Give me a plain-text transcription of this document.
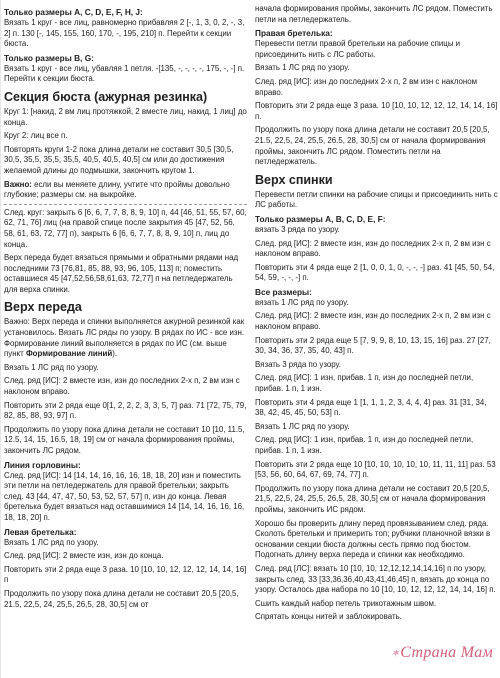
Только размеры А, С, D, E, F, H, J:
Вязать 1 круг - все лиц, равномерно прибавляя 2 [-, 1, 3, 0, 2, -, 3, 2] п. 130 [-, 145, 155, 160, 170, -, 195, 210] п. Перейти к секции бюста.
Только размеры В, G:
Вязать 1 круг - все лиц, убавляя 1 петля. -[135, -, -, -, -, 175, -, -] п. Перейти к секции бюста.
Секция бюста (ажурная резинка)
Круг 1: [накид, 2 вм лиц протяжкой, 2 вместе лиц, накид, 1 лиц] до конца.
Круг 2: лиц все п.
Повторять круги 1-2 пока длина детали не составит 30,5 [30,5, 30,5, 35,5, 35,5, 35,5, 40,5, 40,5, 40,5] см или до достижения желаемой длины до подмышки, закончить кругом 1.
Важно: если вы меняете длину, учтите что проймы довольно глубокие; размеры см. на выкройке.
След. круг: закрыть 6 [6, 6, 7, 7, 8, 8, 9, 10] п, 44 [46, 51, 55, 57, 60, 62, 71, 76] лиц (на правой спице после закрытия 45 [47, 52, 56, 58, 61, 63, 72, 77] п), закрыть 6 [6, 6, 7, 7, 8, 8, 9, 10] п, лиц до конца.
Верх переда будет вязаться прямыми и обратными рядами над последними 73 [76,81, 85, 88, 93, 96, 105, 113] п; поместить оставшиеся 45 [47,52,56,58,61,63, 72,77] п на петледержатель для верха спинки.
Верх переда
Важно: Верх переда и спинки выполняется ажурной резинкой как установилось. Вязать ЛС ряды по узору. В рядах по ИС - все изн. Формирование линий выполняется в рядах по ИС (см. выше пункт Формирование линий).
Вязать 1 ЛС ряд по узору.
След. ряд [ИС]: 2 вместе изн, изн до последних 2-х п, 2 вм изн с наклоном вправо.
Повторить эти 2 ряда еще 0[1, 2, 2, 2, 3, 3, 5, 7] раз. 71 [72, 75, 79, 82, 85, 88, 93, 97] п.
Продолжить по узору пока длина детали не составит 10 [10, 11.5, 12.5, 14, 15, 16.5, 18, 19] см от начала формирования проймы, закончить ЛС рядом.
Линия горловины:
След. ряд [ИС]: 14 [14, 14, 16, 16, 16, 18, 18, 20] изн и поместить эти петли на петледержатель для правой бретельки; закрыть след. 43 [44, 47, 47, 50, 53, 52, 57, 57] п, изн до конца. Левая бретелька будет вязаться над оставшимися 14 [14, 14, 16, 16, 16, 18, 18, 20] п.
Левая бретелька:
Вязать 1 ЛС ряд по узору.
След. ряд [ИС]: 2 вместе изн, изн до конца.
Повторить эти 2 ряда еще 3 раза. 10 [10, 10, 12, 12, 12, 14, 14, 16] п
Продолжить по узору пока длина детали не составит 20,5 [20,5, 21.5, 22,5, 24, 25,5, 26,5, 28, 30,5] см от
начала формирования проймы, закончить ЛС рядом. Поместить петли на петледержатель.
Правая бретелька:
Перевести петли правой бретельки на рабочие спицы и присоединить нить с ЛС работы.
Вязать 1 ЛС ряд по узору.
След. ряд [ИС]: изн до последних 2-х п, 2 вм изн с наклоном вправо.
Повторить эти 2 ряда еще 3 раза. 10 [10, 10, 12, 12, 12, 14, 14, 16] п.
Продолжить по узору пока длина детали не составит 20,5 [20,5, 21.5, 22,5, 24, 25,5, 26.5, 28, 30,5] см от начала формирования проймы, закончить ЛС рядом. Поместить петли на петледержатель.
Верх спинки
Перевести петли спинки на рабочие спицы и присоединить нить с ЛС работы.
Только размеры А, В, С, D, E, F:
вязать 3 ряда по узору.
След. ряд [ИС]: 2 вместе изн, изн до последних 2-х п, 2 вм изн с наклоном вправо.
Повторить эти 4 ряда еще 2 [1, 0, 0, 1, 0, -, -, -] раз. 41 [45, 50, 54, 54, 59, -, -, -] п.
Все размеры:
вязать 1 ЛС ряд по узору.
След. ряд [ИС]: 2 вместе изн, изн до последних 2-х п, 2 вм изн с наклоном вправо.
Повторить эти 2 ряда еще 5 [7, 9, 9, 8, 10, 13, 15, 16] раз. 27 [27, 30, 34, 36, 37, 35, 40, 43] п.
Вязать 3 ряда по узору.
След. ряд [ИС]: 1 изн, прибав. 1 п, изн до последней петли, прибав. 1 п, 1 изн.
Повторить эти 4 ряда еще 1 [1, 1, 1, 2, 3, 4, 4, 4] раз. 31 [31, 34, 38, 42, 45, 45, 50, 53] п.
Вязать 1 ЛС ряд по узору.
След. ряд [ИС]: 1 изн, прибав. 1 п, изн до последней петли, прибав. 1 п, 1 изн.
Повторить эти 2 ряда еще 10 [10, 10, 10, 10, 10, 11, 11, 11] раз. 53 [53, 56, 60, 64, 67, 69, 74, 77] п.
Продолжить по узору пока длина детали не составит 20,5 [20,5, 21,5, 22,5, 24, 25,5, 26,5, 28, 30,5] см от начала формирования проймы, закончить ИС рядом.
Хорошо бы проверить длину перед провязыванием след. ряда. Сколоть бретельки и примерить топ; рубчики планочной вязки в основании секции бюста должны сесть прямо под бюстом. Подогнать длину верха переда и спинки как необходимо.
След. ряд [ЛС]: вязать 10 [10, 10, 12,12,12,14,14,16] п по узору, закрыть след. 33 [33,36,36,40,43,41,46,45] п, вязать до конца по узору. Осталось два набора по 10 [10, 10, 12, 12, 12, 14, 14, 16] п.
Сшить каждый набор петель трикотажным швом.
Спрятать концы нитей и заблокировать.
✶Страна Мам
